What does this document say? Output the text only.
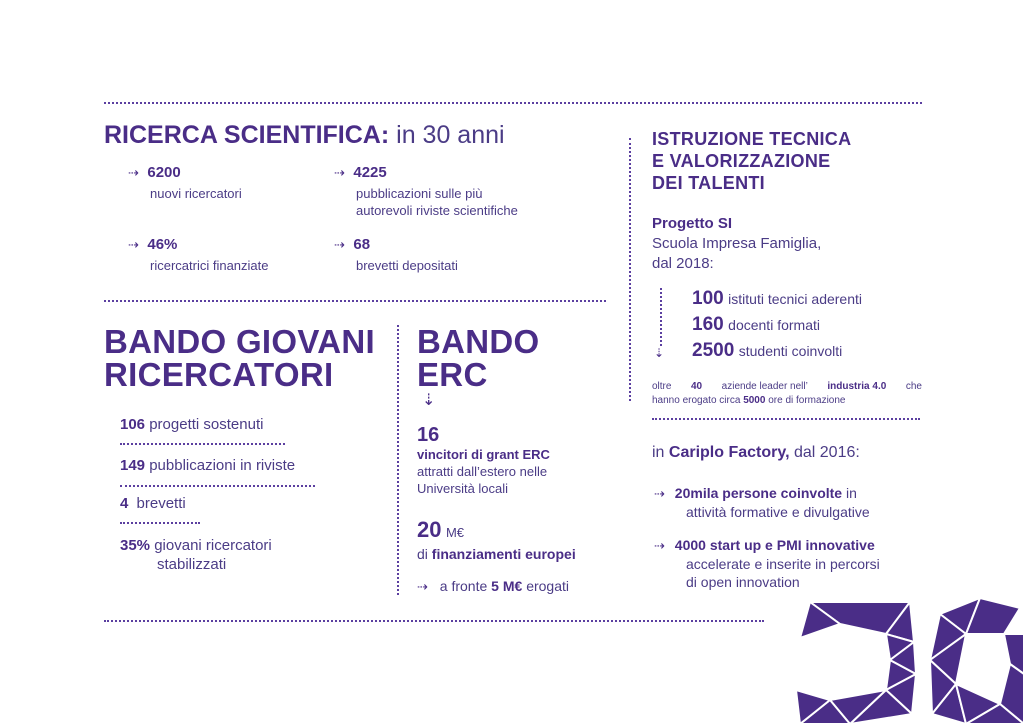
RICERCA SCIENTIFICA: in 30 anni
⇢ 6200
nuovi ricercatori
⇢ 4225
pubblicazioni sulle più
autorevoli riviste scientifiche
⇢ 46%
ricercatrici finanziate
⇢ 68
brevetti depositati
BANDO GIOVANI
RICERCATORI
106 progetti sostenuti
149 pubblicazioni in riviste
4 brevetti
35% giovani ricercatori
stabilizzati
BANDO
ERC
⇣
16
vincitori di grant ERC
attratti dall’estero nelle
Università locali
20 M€
di finanziamenti europei
⇢ a fronte 5 M€ erogati
ISTRUZIONE TECNICA
E VALORIZZAZIONE
DEI TALENTI
Progetto SI
Scuola Impresa Famiglia,
dal 2018:
⇣
100 istituti tecnici aderenti
160 docenti formati
2500 studenti coinvolti
oltre 40 aziende leader nell’ industria 4.0 che
hanno erogato circa 5000 ore di formazione
in Cariplo Factory, dal 2016:
⇢ 20mila persone coinvolte in
attività formative e divulgative
⇢ 4000 start up e PMI innovative
accelerate e inserite in percorsi
di open innovation
